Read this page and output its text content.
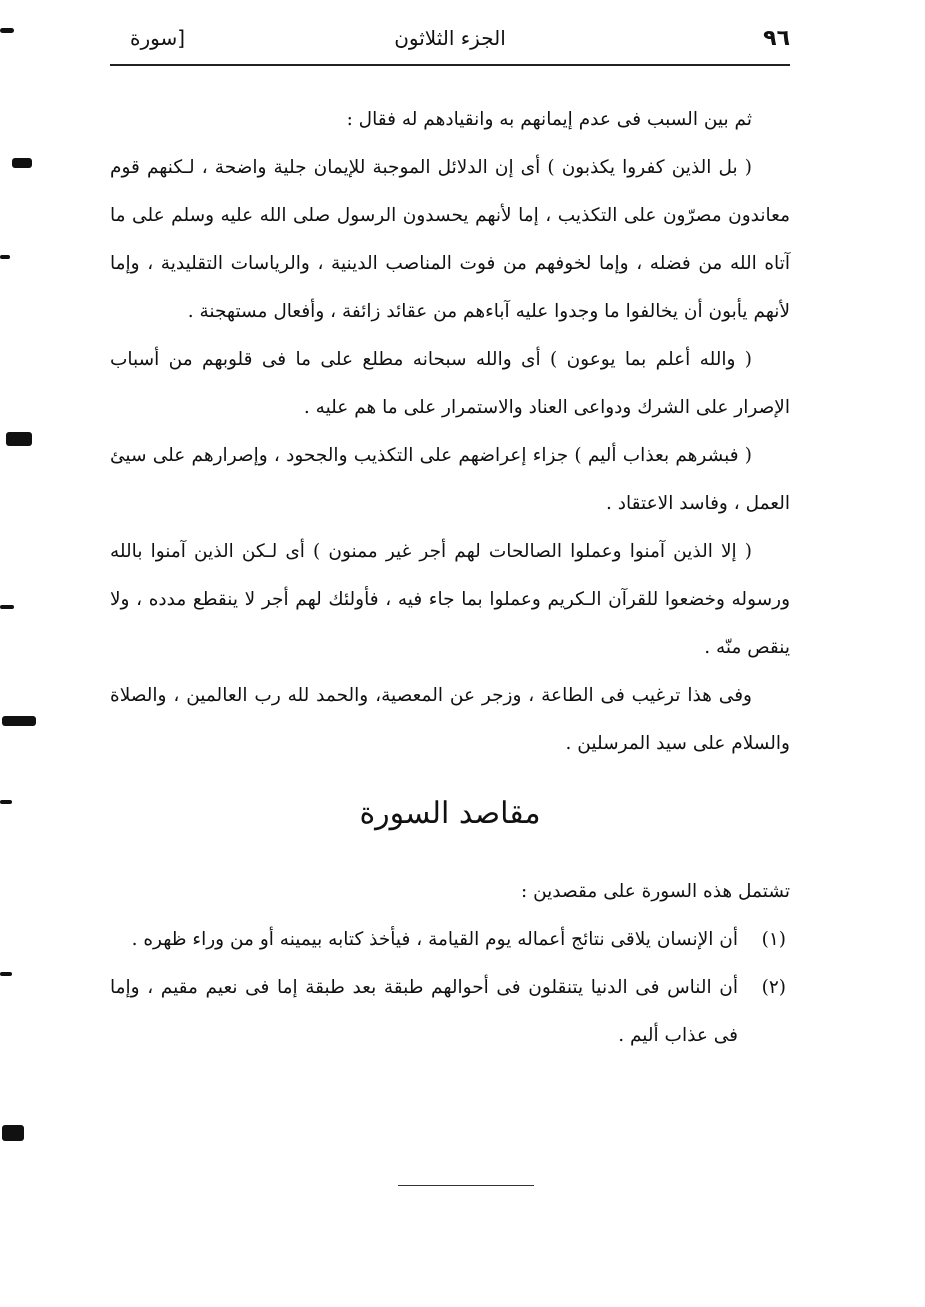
٩٦
الجزء الثلاثون
[سورة

ثم بين السبب فى عدم إيمانهم به وانقيادهم له فقال :

( بل الذين كفروا يكذبون ) أى إن الدلائل الموجبة للإيمان جلية واضحة ، لـكنهم قوم معاندون مصرّون على التكذيب ، إما لأنهم يحسدون الرسول صلى الله عليه وسلم على ما آتاه الله من فضله ، وإما لخوفهم من فوت المناصب الدينية ، والرياسات التقليدية ، وإما لأنهم يأبون أن يخالفوا ما وجدوا عليه آباءهم من عقائد زائفة ، وأفعال مستهجنة .

( والله أعلم بما يوعون ) أى والله سبحانه مطلع على ما فى قلوبهم من أسباب الإصرار على الشرك ودواعى العناد والاستمرار على ما هم عليه .

( فبشرهم بعذاب أليم ) جزاء إعراضهم على التكذيب والجحود ، وإصرارهم على سيئ العمل ، وفاسد الاعتقاد .

( إلا الذين آمنوا وعملوا الصالحات لهم أجر غير ممنون ) أى لـكن الذين آمنوا بالله ورسوله وخضعوا للقرآن الـكريم وعملوا بما جاء فيه ، فأولئك لهم أجر لا ينقطع مدده ، ولا ينقص منّه .

وفى هذا ترغيب فى الطاعة ، وزجر عن المعصية، والحمد لله رب العالمين ، والصلاة والسلام على سيد المرسلين .

مقاصد السورة

تشتمل هذه السورة على مقصدين :

(١)
أن الإنسان يلاقى نتائج أعماله يوم القيامة ، فيأخذ كتابه بيمينه أو من وراء ظهره .
(٢)
أن الناس فى الدنيا يتنقلون فى أحوالهم طبقة بعد طبقة إما فى نعيم مقيم ، وإما فى عذاب أليم .
